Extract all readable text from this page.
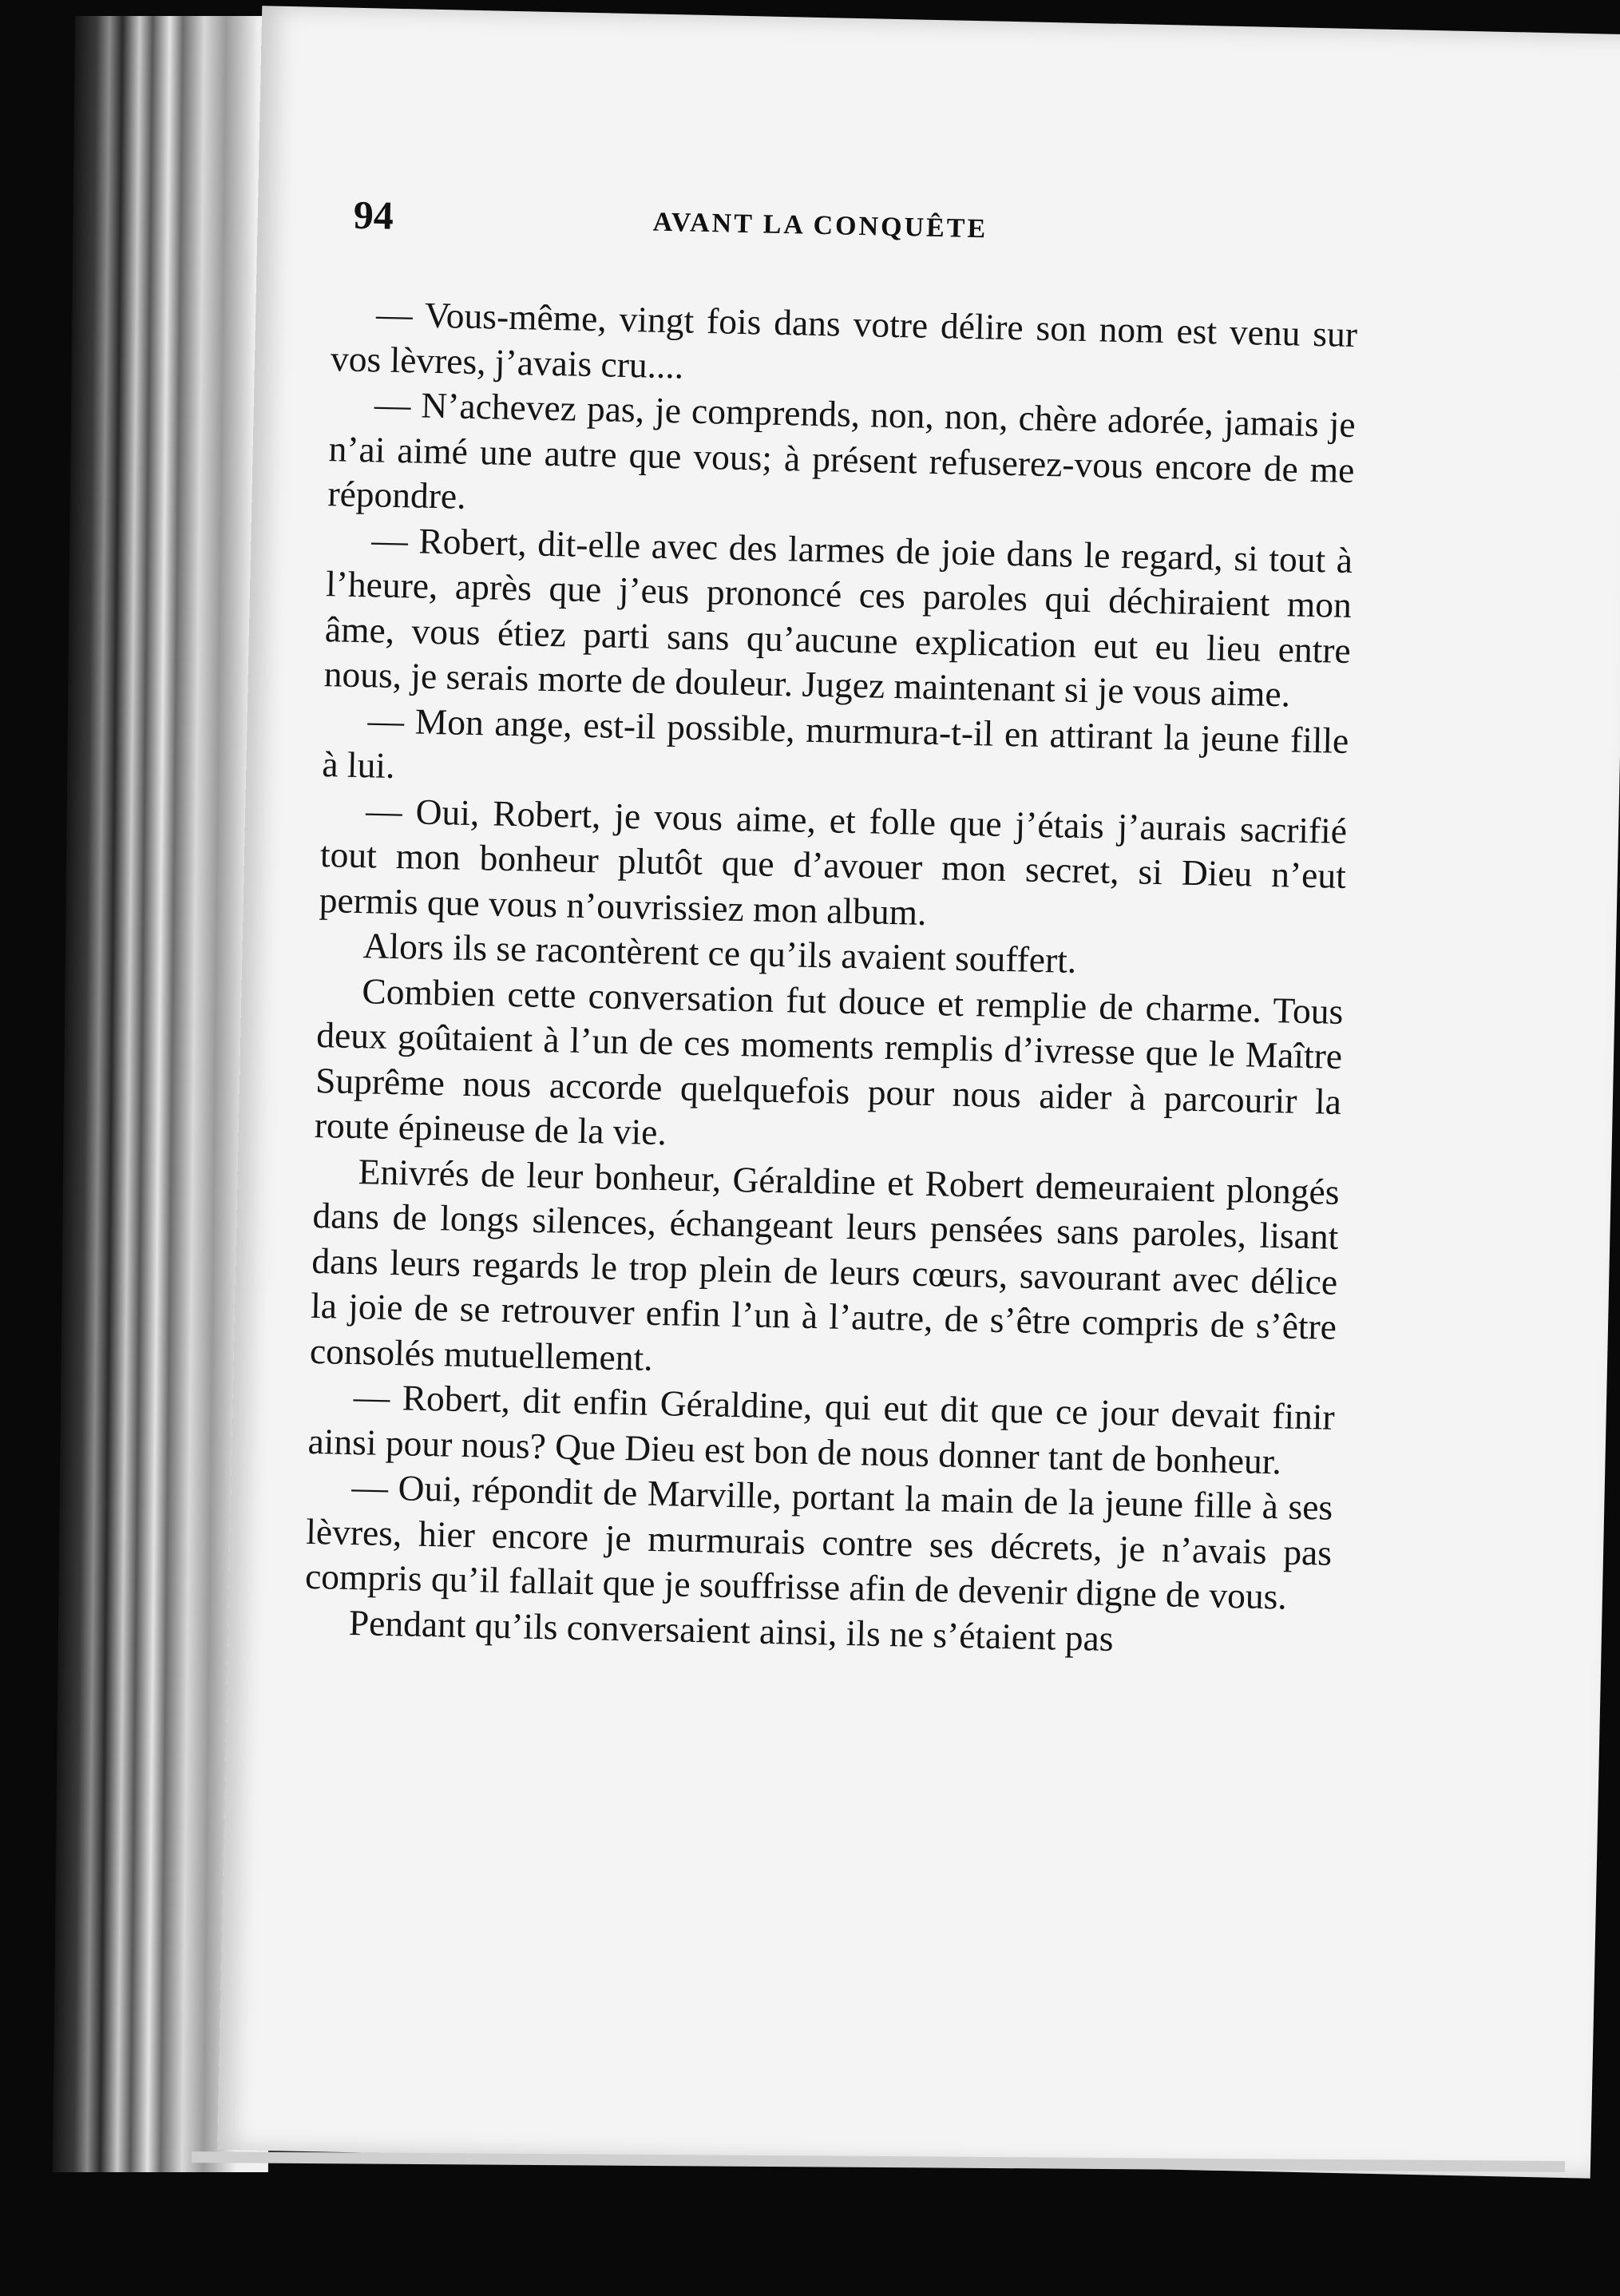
94	AVANT LA CONQUÊTE

— Vous-même, vingt fois dans votre délire son nom est venu sur vos lèvres, j’avais cru....

— N’achevez pas, je comprends, non, non, chère adorée, jamais je n’ai aimé une autre que vous; à présent refuserez-vous encore de me répondre.

— Robert, dit-elle avec des larmes de joie dans le regard, si tout à l’heure, après que j’eus prononcé ces paroles qui déchiraient mon âme, vous étiez parti sans qu’aucune explication eut eu lieu entre nous, je serais morte de douleur. Jugez maintenant si je vous aime.

— Mon ange, est-il possible, murmura-t-il en attirant la jeune fille à lui.

— Oui, Robert, je vous aime, et folle que j’étais j’aurais sacrifié tout mon bonheur plutôt que d’avouer mon secret, si Dieu n’eut permis que vous n’ouvrissiez mon album.

Alors ils se racontèrent ce qu’ils avaient souffert.

Combien cette conversation fut douce et remplie de charme. Tous deux goûtaient à l’un de ces moments remplis d’ivresse que le Maître Suprême nous accorde quelquefois pour nous aider à parcourir la route épineuse de la vie.

Enivrés de leur bonheur, Géraldine et Robert demeuraient plongés dans de longs silences, échangeant leurs pensées sans paroles, lisant dans leurs regards le trop plein de leurs cœurs, savourant avec délice la joie de se retrouver enfin l’un à l’autre, de s’être compris de s’être consolés mutuellement.

— Robert, dit enfin Géraldine, qui eut dit que ce jour devait finir ainsi pour nous? Que Dieu est bon de nous donner tant de bonheur.

— Oui, répondit de Marville, portant la main de la jeune fille à ses lèvres, hier encore je murmurais contre ses décrets, je n’avais pas compris qu’il fallait que je souffrisse afin de devenir digne de vous.

Pendant qu’ils conversaient ainsi, ils ne s’étaient pas
